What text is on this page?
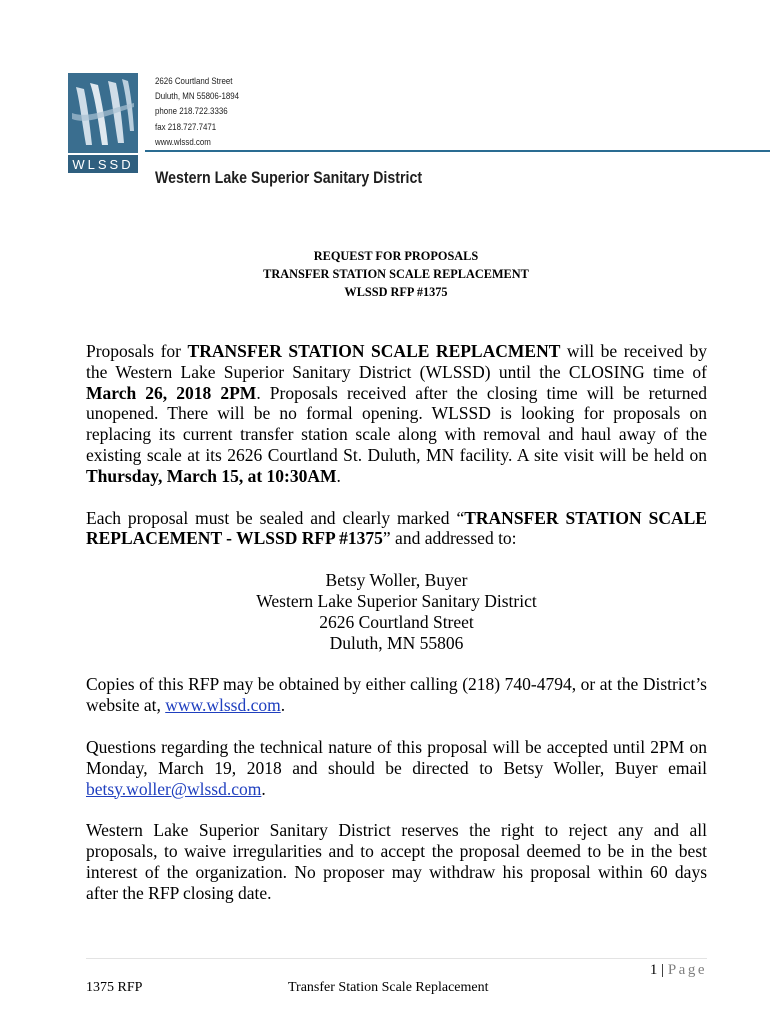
WLSSD
2626 Courtland Street
Duluth, MN 55806-1894
phone 218.722.3336
fax 218.727.7471
www.wlssd.com
Western Lake Superior Sanitary District
REQUEST FOR PROPOSALS
TRANSFER STATION SCALE REPLACEMENT
WLSSD RFP #1375

Proposals for TRANSFER STATION SCALE REPLACMENT will be received by the Western Lake Superior Sanitary District (WLSSD) until the CLOSING time of March 26, 2018 2PM. Proposals received after the closing time will be returned unopened. There will be no formal opening. WLSSD is looking for proposals on replacing its current transfer station scale along with removal and haul away of the existing scale at its 2626 Courtland St. Duluth, MN facility. A site visit will be held on Thursday, March 15, at 10:30AM.

Each proposal must be sealed and clearly marked “TRANSFER STATION SCALE REPLACEMENT - WLSSD RFP #1375” and addressed to:

Betsy Woller, Buyer
Western Lake Superior Sanitary District
2626 Courtland Street
Duluth, MN 55806

Copies of this RFP may be obtained by either calling (218) 740-4794, or at the District’s website at, www.wlssd.com.

Questions regarding the technical nature of this proposal will be accepted until 2PM on Monday, March 19, 2018 and should be directed to Betsy Woller, Buyer email betsy.woller@wlssd.com.

Western Lake Superior Sanitary District reserves the right to reject any and all proposals, to waive irregularities and to accept the proposal deemed to be in the best interest of the organization. No proposer may withdraw his proposal within 60 days after the RFP closing date.

1 | Page
1375 RFP	Transfer Station Scale Replacement
